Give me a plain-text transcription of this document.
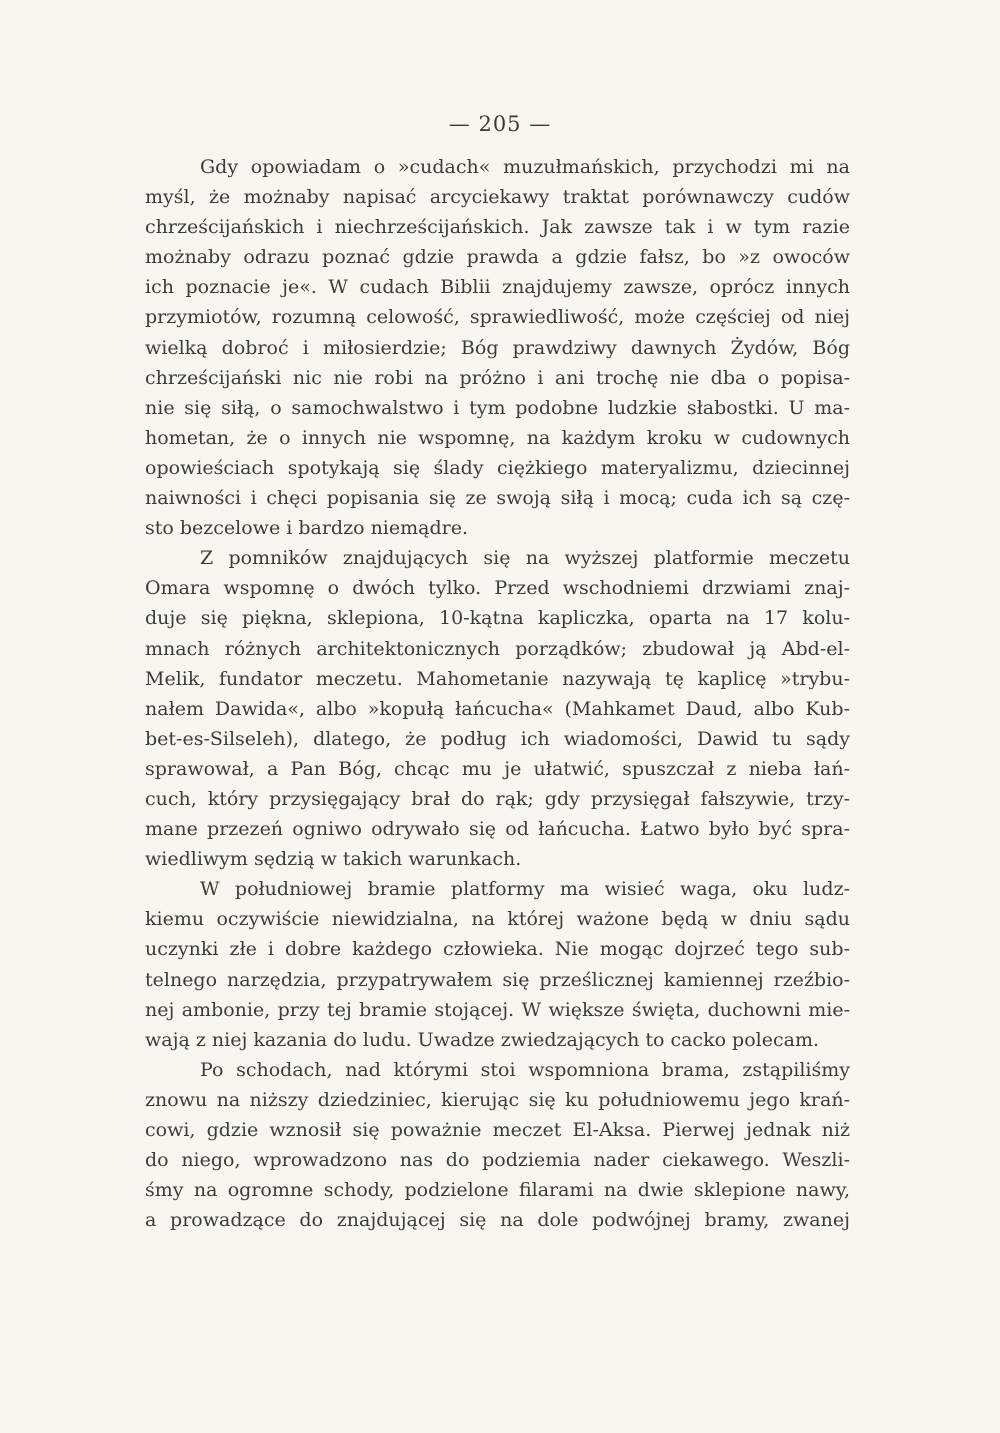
— 205 —
Gdy opowiadam o »cudach« muzułmańskich, przychodzi mi na
myśl, że możnaby napisać arcyciekawy traktat porównawczy cudów
chrześcijańskich i niechrześcijańskich. Jak zawsze tak i w tym razie
możnaby odrazu poznać gdzie prawda a gdzie fałsz, bo »z owoców
ich poznacie je«. W cudach Biblii znajdujemy zawsze, oprócz innych
przymiotów, rozumną celowość, sprawiedliwość, może częściej od niej
wielką dobroć i miłosierdzie; Bóg prawdziwy dawnych Żydów, Bóg
chrześcijański nic nie robi na próżno i ani trochę nie dba o popisa-
nie się siłą, o samochwalstwo i tym podobne ludzkie słabostki. U ma-
hometan, że o innych nie wspomnę, na każdym kroku w cudownych
opowieściach spotykają się ślady ciężkiego materyalizmu, dziecinnej
naiwności i chęci popisania się ze swoją siłą i mocą; cuda ich są czę-
sto bezcelowe i bardzo niemądre.
Z pomników znajdujących się na wyższej platformie meczetu
Omara wspomnę o dwóch tylko. Przed wschodniemi drzwiami znaj-
duje się piękna, sklepiona, 10-kątna kapliczka, oparta na 17 kolu-
mnach różnych architektonicznych porządków; zbudował ją Abd-el-
Melik, fundator meczetu. Mahometanie nazywają tę kaplicę »trybu-
nałem Dawida«, albo »kopułą łańcucha« (Mahkamet Daud, albo Kub-
bet-es-Silseleh), dlatego, że podług ich wiadomości, Dawid tu sądy
sprawował, a Pan Bóg, chcąc mu je ułatwić, spuszczał z nieba łań-
cuch, który przysięgający brał do rąk; gdy przysięgał fałszywie, trzy-
mane przezeń ogniwo odrywało się od łańcucha. Łatwo było być spra-
wiedliwym sędzią w takich warunkach.
W południowej bramie platformy ma wisieć waga, oku ludz-
kiemu oczywiście niewidzialna, na której ważone będą w dniu sądu
uczynki złe i dobre każdego człowieka. Nie mogąc dojrzeć tego sub-
telnego narzędzia, przypatrywałem się prześlicznej kamiennej rzeźbio-
nej ambonie, przy tej bramie stojącej. W większe święta, duchowni mie-
wają z niej kazania do ludu. Uwadze zwiedzających to cacko polecam.
Po schodach, nad którymi stoi wspomniona brama, zstąpiliśmy
znowu na niższy dziedziniec, kierując się ku południowemu jego krań-
cowi, gdzie wznosił się poważnie meczet El-Aksa. Pierwej jednak niż
do niego, wprowadzono nas do podziemia nader ciekawego. Weszli-
śmy na ogromne schody, podzielone filarami na dwie sklepione nawy,
a prowadzące do znajdującej się na dole podwójnej bramy, zwanej
